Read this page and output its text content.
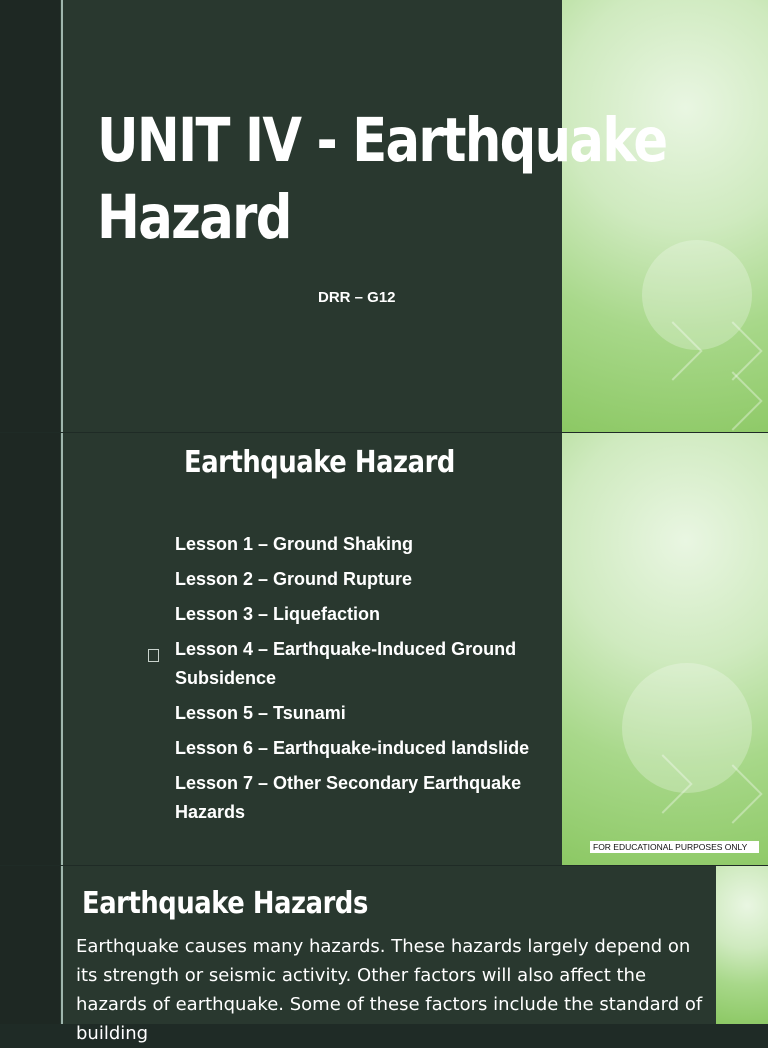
UNIT IV - Earthquake Hazard
DRR – G12
Earthquake Hazard
Lesson 1 – Ground Shaking
Lesson 2 – Ground Rupture
Lesson 3 – Liquefaction
Lesson 4 – Earthquake-Induced Ground Subsidence
Lesson 5 – Tsunami
Lesson 6 – Earthquake-induced landslide
Lesson 7 – Other Secondary Earthquake Hazards
FOR EDUCATIONAL PURPOSES ONLY
Earthquake Hazards

Earthquake causes many hazards. These hazards largely depend on its strength or seismic activity. Other factors will also affect the hazards of earthquake. Some of these factors include the standard of building
